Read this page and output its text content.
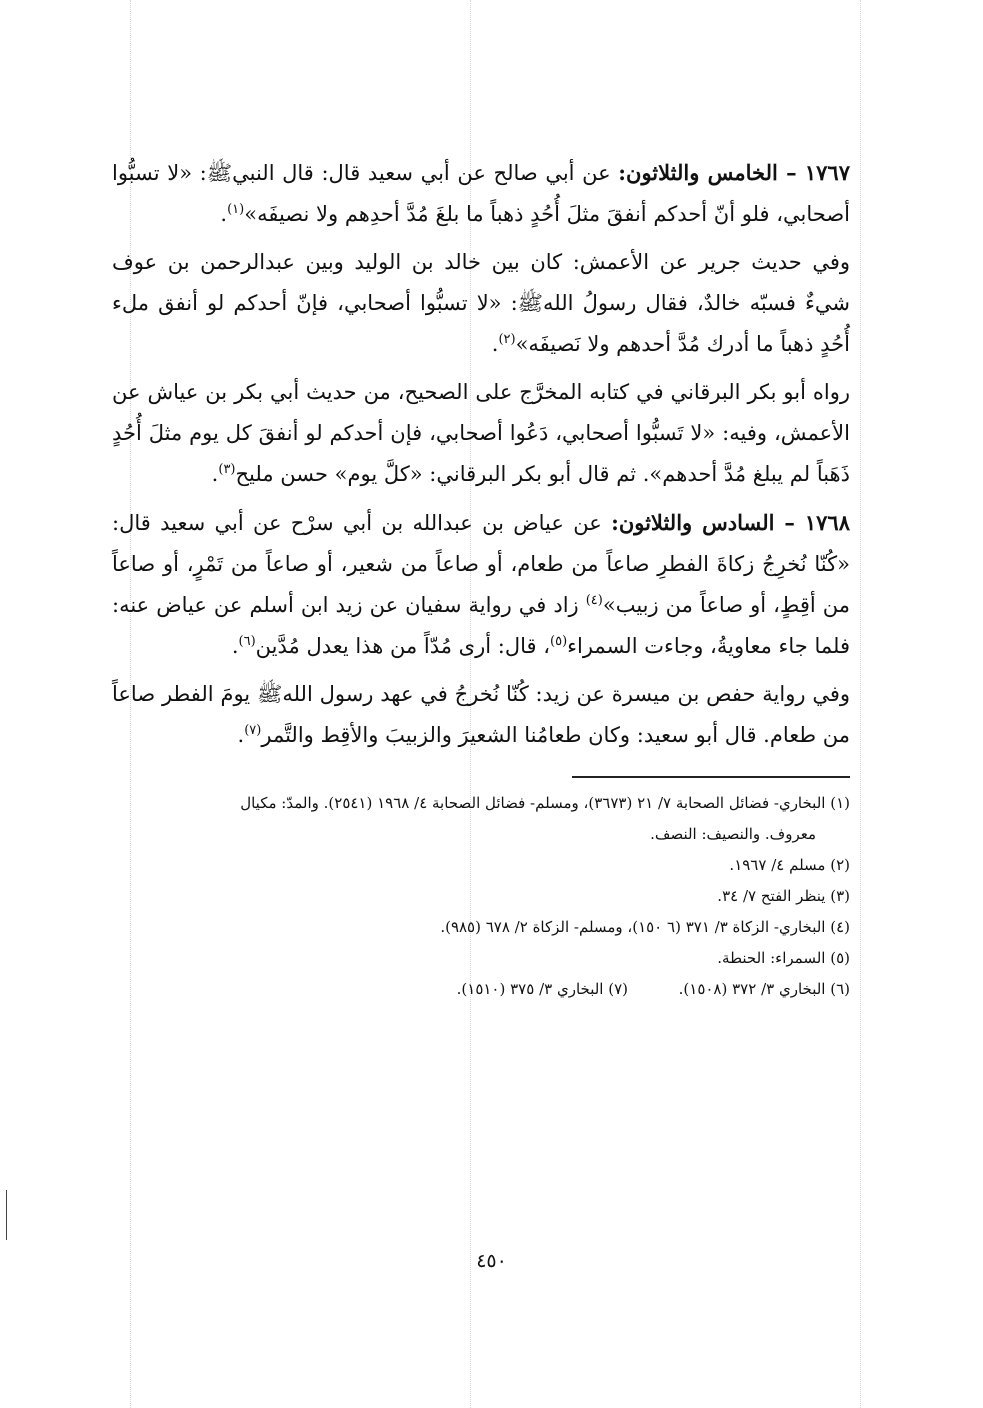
١٧٦٧ – الخامس والثلاثون: عن أبي صالح عن أبي سعيد قال: قال النبيﷺ: «لا تسبُّوا أصحابي، فلو أنّ أحدكم أنفقَ مثلَ أُحُدٍ ذهباً ما بلغَ مُدَّ أحدِهم ولا نصيفَه»$^{(١)}$.

وفي حديث جرير عن الأعمش: كان بين خالد بن الوليد وبين عبدالرحمن بن عوف شيءٌ فسبّه خالدٌ، فقال رسولُ اللهﷺ: «لا تسبُّوا أصحابي، فإنّ أحدكم لو أنفق ملء أُحُدٍ ذهباً ما أدرك مُدَّ أحدهم ولا نَصيفَه»$^{(٢)}$.

رواه أبو بكر البرقاني في كتابه المخرَّج على الصحيح، من حديث أبي بكر بن عياش عن الأعمش، وفيه: «لا تَسبُّوا أصحابي، دَعُوا أصحابي، فإن أحدكم لو أنفقَ كل يوم مثلَ أُحُدٍ ذَهَباً لم يبلغ مُدَّ أحدهم». ثم قال أبو بكر البرقاني: «كلَّ يوم» حسن مليح$^{(٣)}$.

١٧٦٨ – السادس والثلاثون: عن عياض بن عبدالله بن أبي سرْح عن أبي سعيد قال: «كُنّا نُخرِجُ زكاةَ الفطرِ صاعاً من طعام، أو صاعاً من شعير، أو صاعاً من تَمْرٍ، أو صاعاً من أقِطٍ، أو صاعاً من زبيب»$^{(٤)}$ زاد في رواية سفيان عن زيد ابن أسلم عن عياض عنه: فلما جاء معاويةُ، وجاءت السمراء$^{(٥)}$، قال: أرى مُدّاً من هذا يعدل مُدَّين$^{(٦)}$.

وفي رواية حفص بن ميسرة عن زيد: كُنّا نُخرجُ في عهد رسول اللهﷺ يومَ الفطر صاعاً من طعام. قال أبو سعيد: وكان طعامُنا الشعيرَ والزبيبَ والأقِط والتَّمر$^{(٧)}$.

(١) البخاري- فضائل الصحابة ٧/ ٢١ (٣٦٧٣)، ومسلم- فضائل الصحابة ٤/ ١٩٦٨ (٢٥٤١). والمدّ: مكيال

معروف. والنصيف: النصف.

(٢) مسلم ٤/ ١٩٦٧.

(٣) ينظر الفتح ٧/ ٣٤.

(٤) البخاري- الزكاة ٣/ ٣٧١ (٦ ١٥٠)، ومسلم- الزكاة ٢/ ٦٧٨ (٩٨٥).

(٥) السمراء: الحنطة.

(٦) البخاري ٣/ ٣٧٢ (١٥٠٨).
(٧) البخاري ٣/ ٣٧٥ (١٥١٠).
٤٥٠
